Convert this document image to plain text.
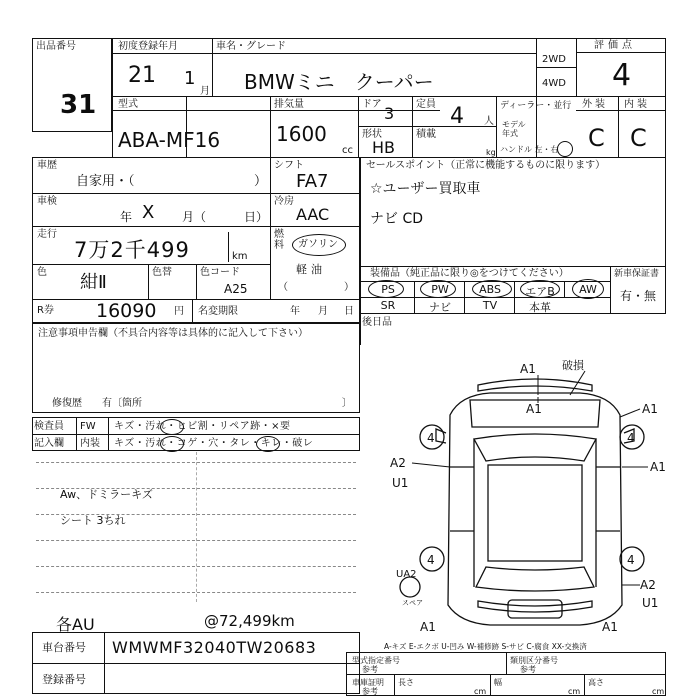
出品番号
31
初度登録年月
21 1
月
車名・グレード
BMWミニ　クーパー
2WD
4WD
評価点
4
型式
ABA-MF16
排気量
1600
cc
ドア 3 定員 4 人
形状
HB
積載
kg
ディーラー・並行
モデル年式
ハンドル 左・右
外装 内装
C C
車歴
自家用・（	）
シフト
FA7
車検
年 X 月（	日）
冷房
AAC
走行
7万2千499	km
燃料 ガソリン
軽油
（	）
色 紺Ⅱ	色替	色コード
A25
R券 16090 円 名変期限	年 月 日
セールスポイント（正常に機能するものに限ります）
☆ユーザー買取車
ナビ CD
装備品（純正品に限り◎をつけてください）
PS	PW	ABS	エアB	AW
SR	ナビ	TV	本革
新車保証書
有・無
後日品
注意事項申告欄（不具合内容等は具体的に記入して下さい）
修復歴　　有〔箇所	〕
検査員 FW キズ・汚れ・ヒビ割・リペア跡・×要
記入欄 内装 キズ・汚れ・コゲ・穴・タレ・キレ・破レ
Aw、ドミラーキズ
シート 3ちれ
各AU	@72,499km
車台番号 WMWMF32040TW20683
登録番号
4	4
4	4
A1 破損
A1	A1
A1
A2
U1
UA2
スペア
A2
U1
A1	A1
A-キズ E-エクボ U-凹み W-補修跡 S-サビ C-腐食 XX-交換済
型式指定番号
参考
類別区分番号
参考
車庫証明
参考
長さ
cm
幅
cm
高さ
cm
